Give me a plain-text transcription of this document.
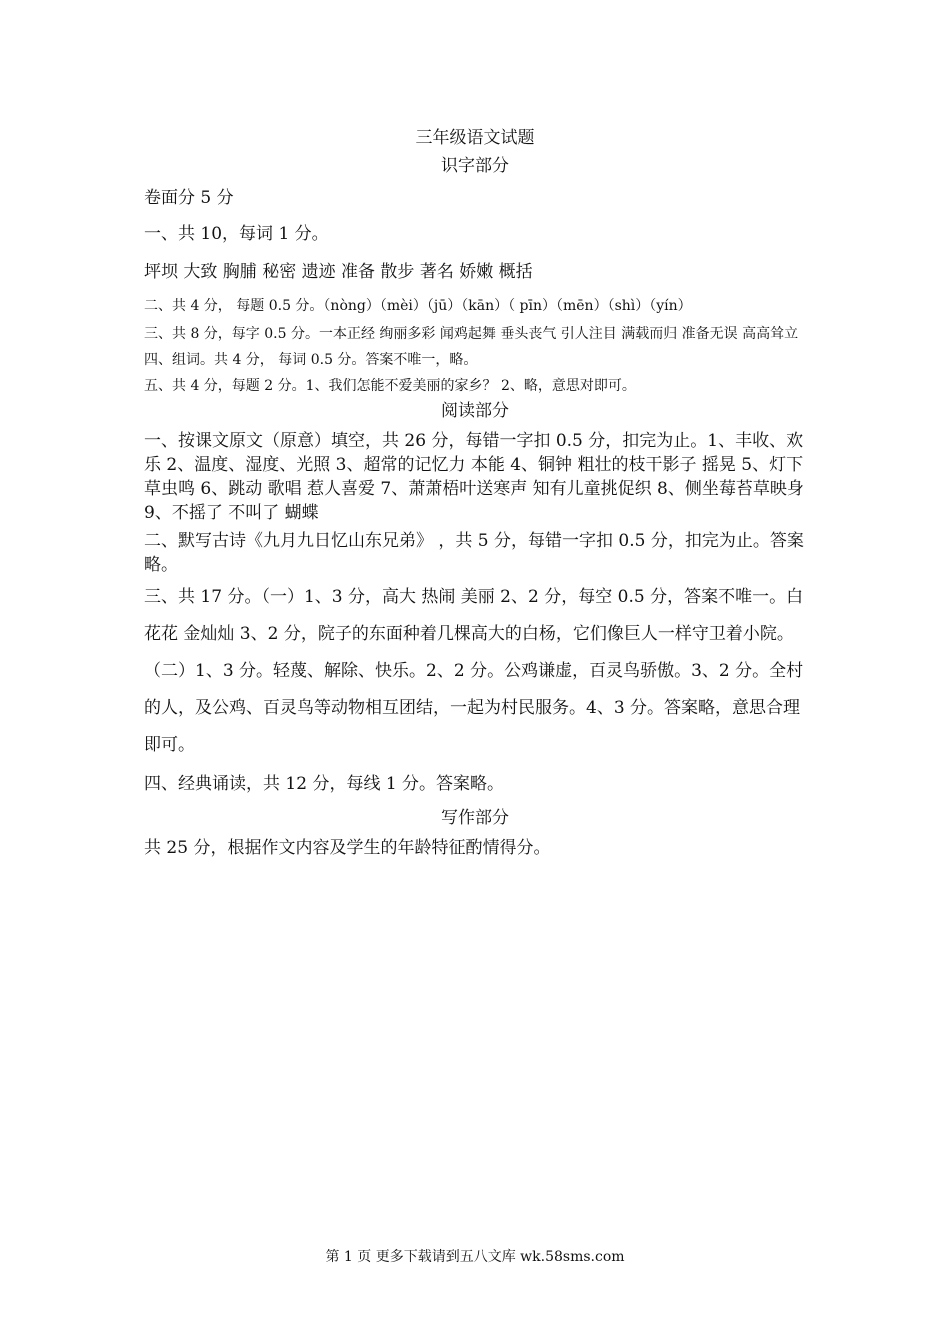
三年级语文试题

识字部分

卷面分 5 分

一、共 10，每词 1 分。

坪坝 大致 胸脯 秘密 遗迹 准备 散步 著名 娇嫩 概括

二、共 4 分， 每题 0.5 分。（nòng）（mèi）（jū）（kān）（ pīn）（mēn）（shì）（yín）

三、共 8 分，每字 0.5 分。一本正经 绚丽多彩 闻鸡起舞 垂头丧气 引人注目 满载而归 准备无误 高高耸立

四、组词。共 4 分， 每词 0.5 分。答案不唯一，略。

五、共 4 分，每题 2 分。1、我们怎能不爱美丽的家乡？ 2、略，意思对即可。

阅读部分

一、按课文原文（原意）填空，共 26 分，每错一字扣 0.5 分，扣完为止。1、丰收、欢乐 2、温度、湿度、光照 3、超常的记忆力 本能 4、铜钟 粗壮的枝干影子 摇晃 5、灯下草虫鸣 6、跳动 歌唱 惹人喜爱 7、萧萧梧叶送寒声 知有儿童挑促织 8、侧坐莓苔草映身 9、不摇了 不叫了 蝴蝶

二、默写古诗《九月九日忆山东兄弟》 ，共 5 分，每错一字扣 0.5 分，扣完为止。答案略。

三、共 17 分。（一）1、3 分，高大 热闹 美丽 2、2 分，每空 0.5 分，答案不唯一。白花花 金灿灿 3、2 分，院子的东面种着几棵高大的白杨，它们像巨人一样守卫着小院。（二）1、3 分。轻蔑、解除、快乐。2、2 分。公鸡谦虚，百灵鸟骄傲。3、2 分。全村的人，及公鸡、百灵鸟等动物相互团结，一起为村民服务。4、3 分。答案略，意思合理即可。

四、经典诵读，共 12 分，每线 1 分。答案略。

写作部分

共 25 分，根据作文内容及学生的年龄特征酌情得分。

第 1 页 更多下载请到五八文库 wk.58sms.com
